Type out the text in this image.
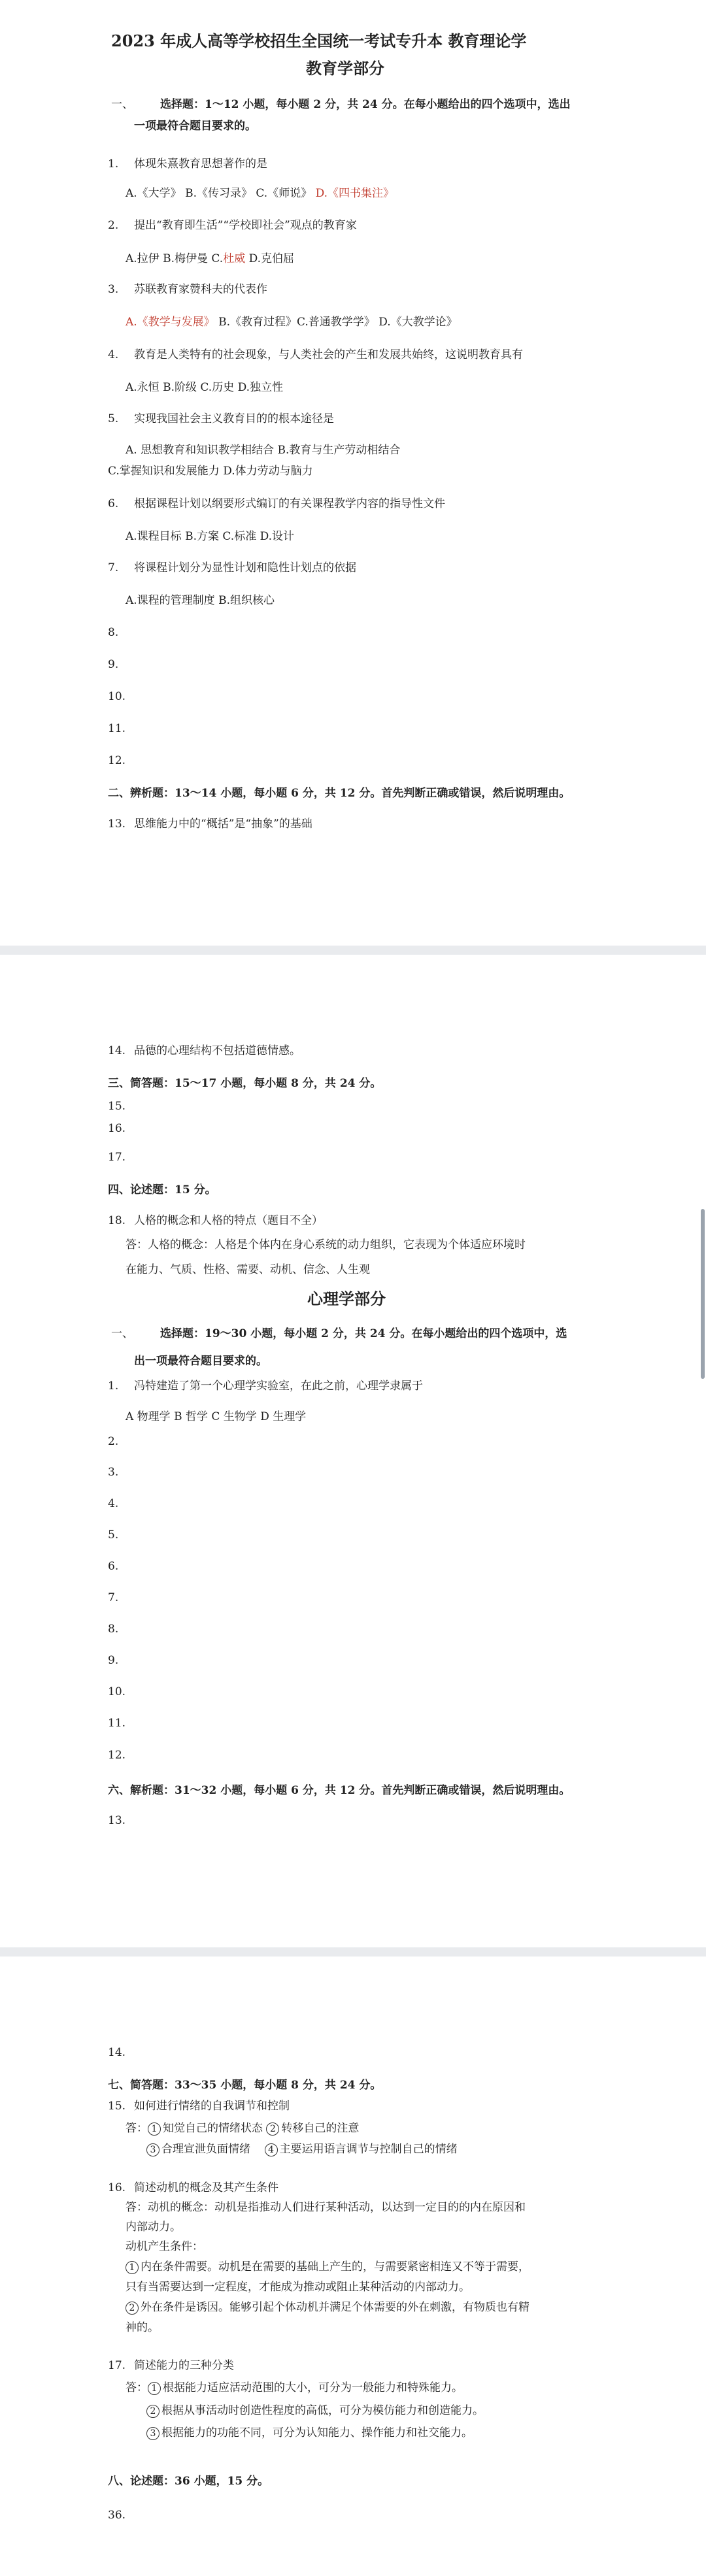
2023 年成人高等学校招生全国统一考试专升本 教育理论学
教育学部分
一、 选择题：1～12 小题，每小题 2 分，共 24 分。在每小题给出的四个选项中，选出
一项最符合题目要求的。
1. 体现朱熹教育思想著作的是
A.《大学》 B.《传习录》 C.《师说》 D.《四书集注》
2. 提出“教育即生活”“学校即社会”观点的教育家
A.拉伊 B.梅伊曼 C.杜威 D.克伯屈
3. 苏联教育家赞科夫的代表作
A.《教学与发展》 B.《教育过程》C.普通教学学》 D.《大教学论》
4. 教育是人类特有的社会现象，与人类社会的产生和发展共始终，这说明教育具有
A.永恒 B.阶级 C.历史 D.独立性
5. 实现我国社会主义教育目的的根本途径是
A. 思想教育和知识教学相结合 B.教育与生产劳动相结合
C.掌握知识和发展能力 D.体力劳动与脑力
6. 根据课程计划以纲要形式编订的有关课程教学内容的指导性文件
A.课程目标 B.方案 C.标准 D.设计
7. 将课程计划分为显性计划和隐性计划点的依据
A.课程的管理制度 B.组织核心
8.
9.
10.
11.
12.
二、辨析题：13～14 小题，每小题 6 分，共 12 分。首先判断正确或错误，然后说明理由。
13. 思维能力中的“概括”是“抽象”的基础
14. 品德的心理结构不包括道德情感。
三、简答题：15～17 小题，每小题 8 分，共 24 分。
15.
16.
17.
四、论述题：15 分。
18. 人格的概念和人格的特点（题目不全）
答：人格的概念：人格是个体内在身心系统的动力组织，它表现为个体适应环境时
在能力、气质、性格、需要、动机、信念、人生观
心理学部分
一、 选择题：19～30 小题，每小题 2 分，共 24 分。在每小题给出的四个选项中，选
出一项最符合题目要求的。
1. 冯特建造了第一个心理学实验室，在此之前，心理学隶属于
A 物理学 B 哲学 C 生物学 D 生理学
2.
3.
4.
5.
6.
7.
8.
9.
10.
11.
12.
六、解析题：31～32 小题，每小题 6 分，共 12 分。首先判断正确或错误，然后说明理由。
13.
14.
七、简答题：33～35 小题，每小题 8 分，共 24 分。
15. 如何进行情绪的自我调节和控制
答： 1 知觉自己的情绪状态 2 转移自己的注意
3 合理宣泄负面情绪 4 主要运用语言调节与控制自己的情绪
16. 简述动机的概念及其产生条件
答：动机的概念：动机是指推动人们进行某种活动，以达到一定目的的内在原因和
内部动力。
动机产生条件：
1 内在条件需要。动机是在需要的基础上产生的，与需要紧密相连又不等于需要，
只有当需要达到一定程度，才能成为推动或阻止某种活动的内部动力。
2 外在条件是诱因。能够引起个体动机并满足个体需要的外在刺激，有物质也有精
神的。
17. 简述能力的三种分类
答： 1 根据能力适应活动范围的大小，可分为一般能力和特殊能力。
2 根据从事活动时创造性程度的高低，可分为模仿能力和创造能力。
3 根据能力的功能不同，可分为认知能力、操作能力和社交能力。
八、论述题：36 小题，15 分。
36.
